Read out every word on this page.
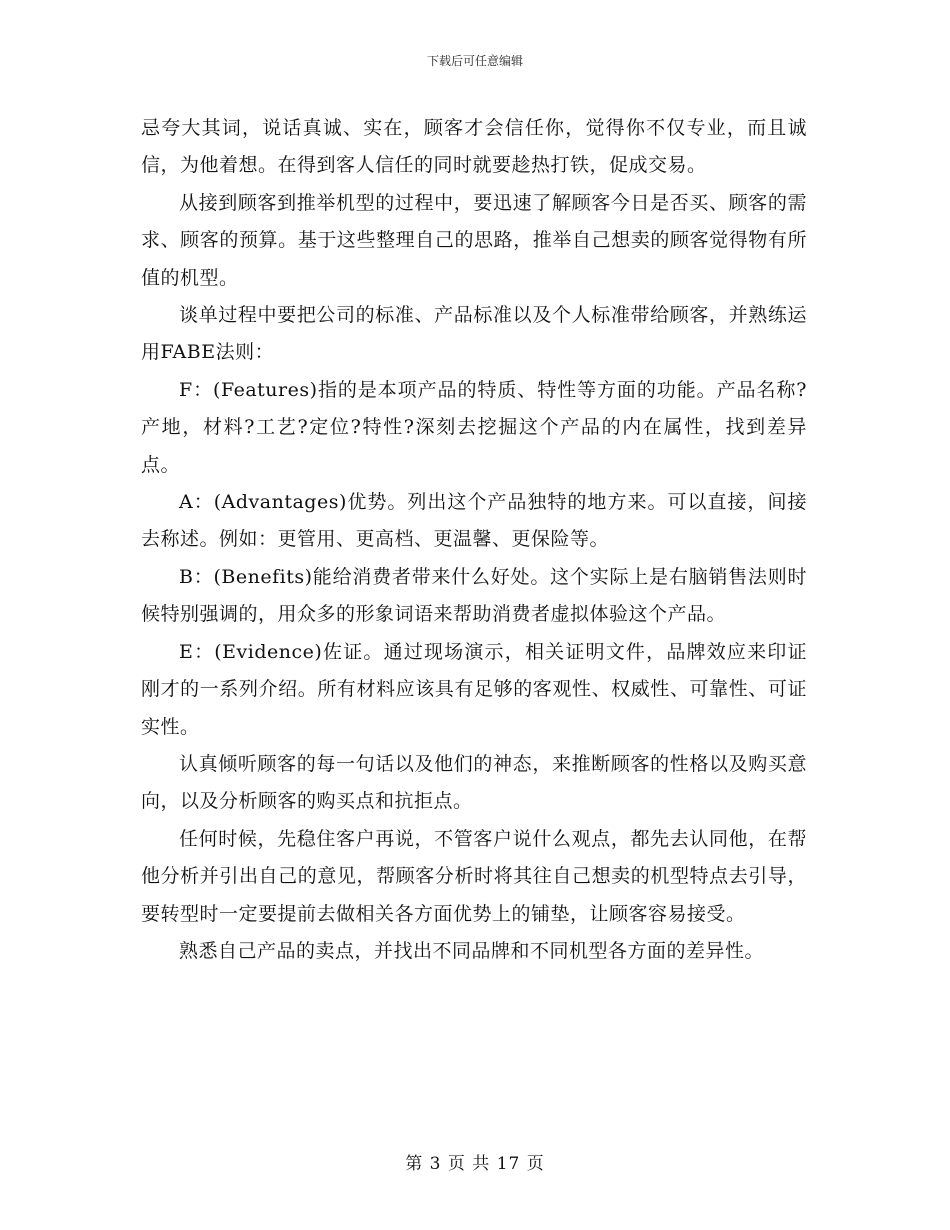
下载后可任意编辑

忌夸大其词，说话真诚、实在，顾客才会信任你，觉得你不仅专业，而且诚信，为他着想。在得到客人信任的同时就要趁热打铁，促成交易。

从接到顾客到推举机型的过程中，要迅速了解顾客今日是否买、顾客的需求、顾客的预算。基于这些整理自己的思路，推举自己想卖的顾客觉得物有所值的机型。

谈单过程中要把公司的标准、产品标准以及个人标准带给顾客，并熟练运用FABE法则：

F：(Features)指的是本项产品的特质、特性等方面的功能。产品名称?产地，材料?工艺?定位?特性?深刻去挖掘这个产品的内在属性，找到差异点。

A：(Advantages)优势。列出这个产品独特的地方来。可以直接，间接去称述。例如：更管用、更高档、更温馨、更保险等。

B：(Benefits)能给消费者带来什么好处。这个实际上是右脑销售法则时候特别强调的，用众多的形象词语来帮助消费者虚拟体验这个产品。

E：(Evidence)佐证。通过现场演示，相关证明文件，品牌效应来印证刚才的一系列介绍。所有材料应该具有足够的客观性、权威性、可靠性、可证实性。

认真倾听顾客的每一句话以及他们的神态，来推断顾客的性格以及购买意向，以及分析顾客的购买点和抗拒点。

任何时候，先稳住客户再说，不管客户说什么观点，都先去认同他，在帮他分析并引出自己的意见，帮顾客分析时将其往自己想卖的机型特点去引导，要转型时一定要提前去做相关各方面优势上的铺垫，让顾客容易接受。

熟悉自己产品的卖点，并找出不同品牌和不同机型各方面的差异性。

第 3 页 共 17 页
